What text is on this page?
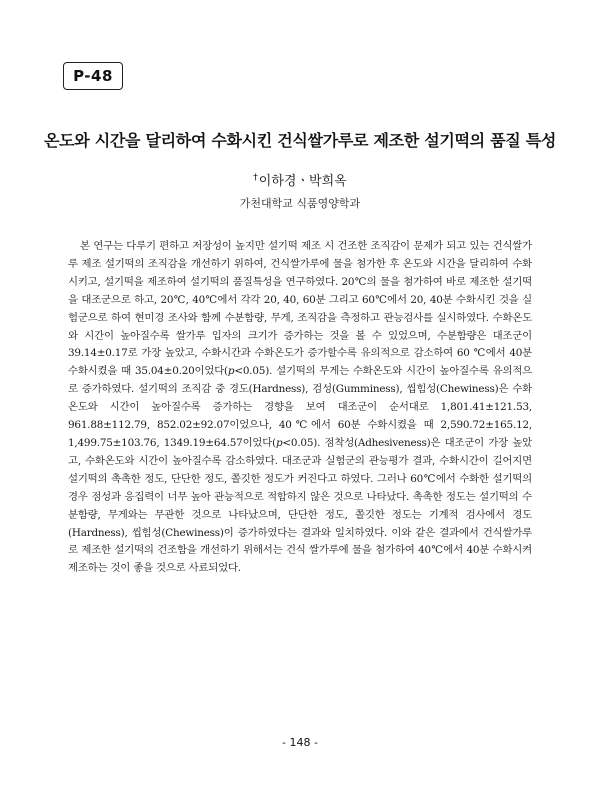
P-48
온도와 시간을 달리하여 수화시킨 건식쌀가루로 제조한 설기떡의 품질 특성
†이하경ㆍ박희옥
가천대학교 식품영양학과

본 연구는 다루기 편하고 저장성이 높지만 설기떡 제조 시 건조한 조직감이 문제가 되고 있는 건식쌀가루 제조 설기떡의 조직감을 개선하기 위하여, 건식쌀가루에 물을 첨가한 후 온도와 시간을 달리하여 수화시키고, 설기떡을 제조하여 설기떡의 품질특성을 연구하였다. 20℃의 물을 첨가하여 바로 제조한 설기떡을 대조군으로 하고, 20℃, 40℃에서 각각 20, 40, 60분 그리고 60℃에서 20, 40분 수화시킨 것을 실험군으로 하여 현미경 조사와 함께 수분함량, 무게, 조직감을 측정하고 관능검사를 실시하였다. 수화온도와 시간이 높아질수록 쌀가루 입자의 크기가 증가하는 것을 볼 수 있었으며, 수분함량은 대조군이 39.14±0.17로 가장 높았고, 수화시간과 수화온도가 증가할수록 유의적으로 감소하여 60 ℃에서 40분 수화시켰을 때 35.04±0.20이었다(p<0.05). 설기떡의 무게는 수화온도와 시간이 높아질수록 유의적으로 증가하였다. 설기떡의 조직감 중 경도(Hardness), 검성(Gumminess), 씹힘성(Chewiness)은 수화온도와 시간이 높아질수록 증가하는 경향을 보여 대조군이 순서대로 1,801.41±121.53, 961.88±112.79, 852.02±92.07이었으나, 40℃에서 60분 수화시켰을 때 2,590.72±165.12, 1,499.75±103.76, 1349.19±64.57이었다(p<0.05). 점착성(Adhesiveness)은 대조군이 가장 높았고, 수화온도와 시간이 높아질수록 감소하였다. 대조군과 실험군의 관능평가 결과, 수화시간이 길어지면 설기떡의 촉촉한 정도, 단단한 정도, 쫄깃한 정도가 커진다고 하였다. 그러나 60℃에서 수화한 설기떡의 경우 점성과 응집력이 너무 높아 관능적으로 적합하지 않은 것으로 나타났다. 촉촉한 정도는 설기떡의 수분함량, 무게와는 무관한 것으로 나타났으며, 단단한 정도, 쫄깃한 정도는 기계적 검사에서 경도(Hardness), 씹힘성(Chewiness)이 증가하였다는 결과와 일치하였다. 이와 같은 결과에서 건식쌀가루로 제조한 설기떡의 건조함을 개선하기 위해서는 건식 쌀가루에 물을 첨가하여 40℃에서 40분 수화시켜 제조하는 것이 좋을 것으로 사료되었다.

- 148 -
